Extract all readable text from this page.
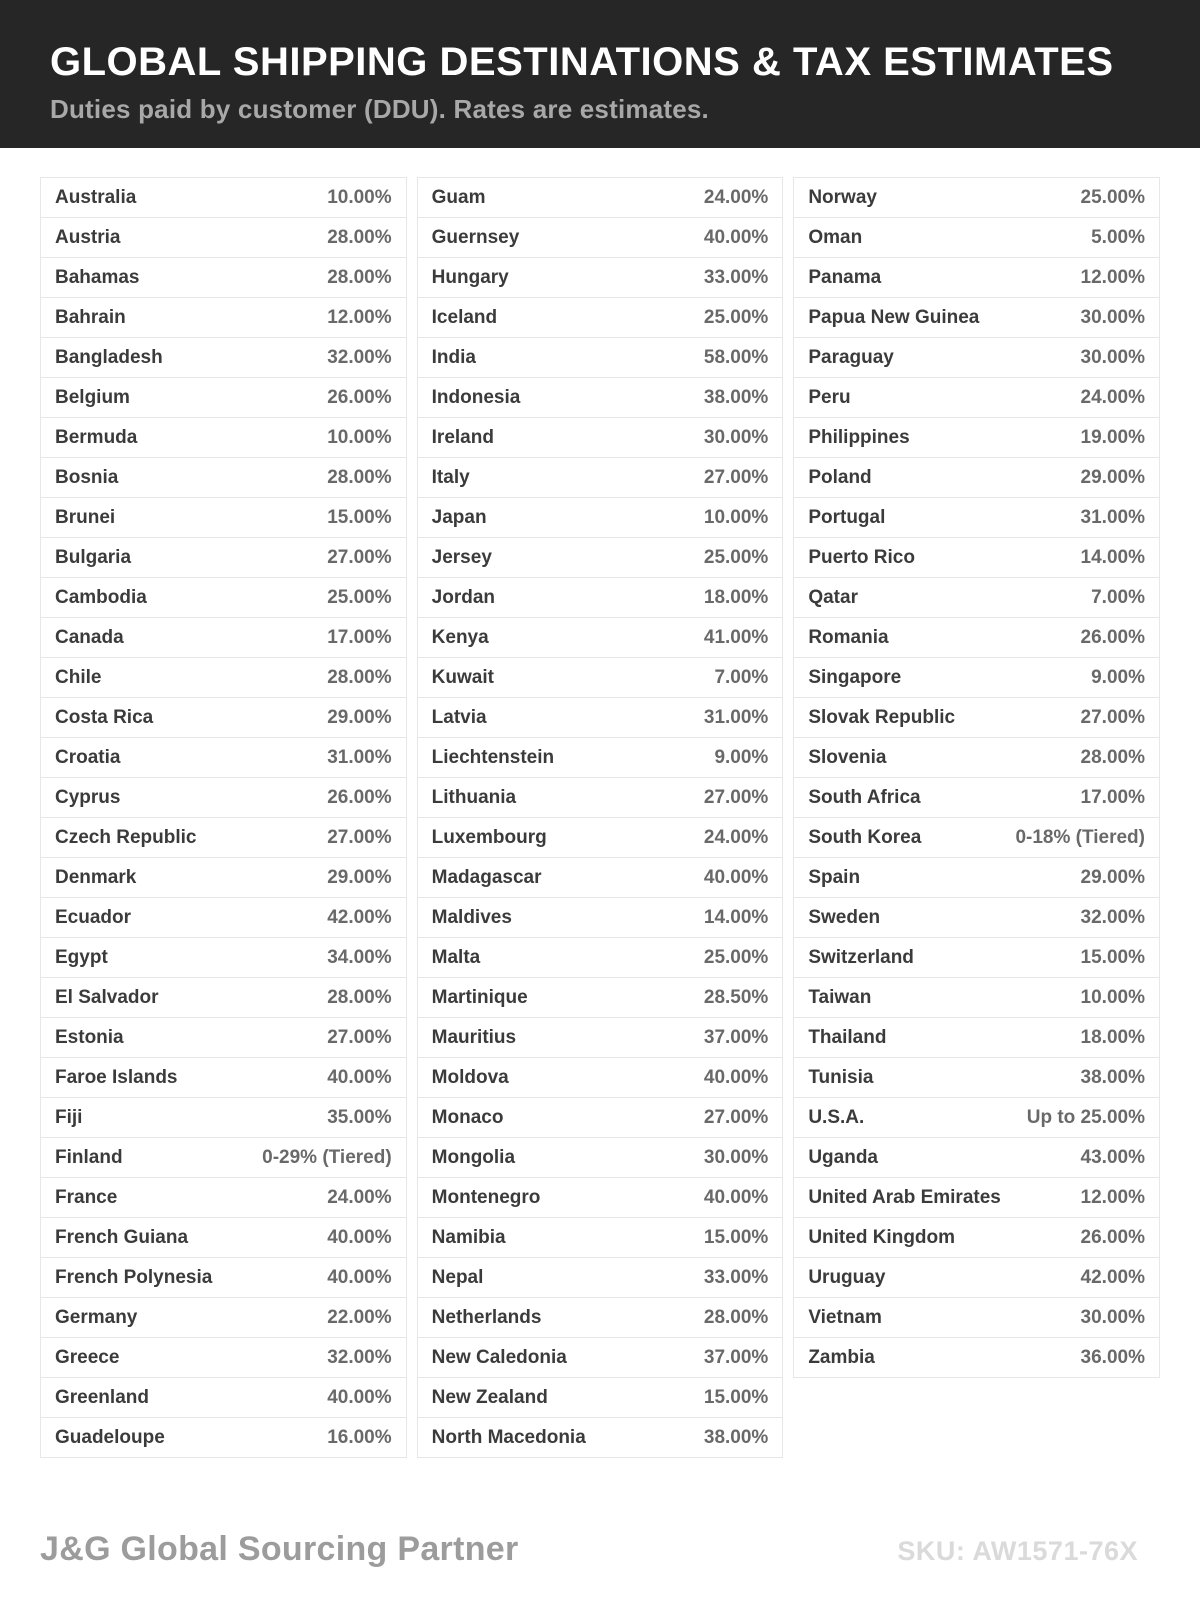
GLOBAL SHIPPING DESTINATIONS & TAX ESTIMATES
Duties paid by customer (DDU). Rates are estimates.
Australia	10.00%
Austria	28.00%
Bahamas	28.00%
Bahrain	12.00%
Bangladesh	32.00%
Belgium	26.00%
Bermuda	10.00%
Bosnia	28.00%
Brunei	15.00%
Bulgaria	27.00%
Cambodia	25.00%
Canada	17.00%
Chile	28.00%
Costa Rica	29.00%
Croatia	31.00%
Cyprus	26.00%
Czech Republic	27.00%
Denmark	29.00%
Ecuador	42.00%
Egypt	34.00%
El Salvador	28.00%
Estonia	27.00%
Faroe Islands	40.00%
Fiji	35.00%
Finland	0-29% (Tiered)
France	24.00%
French Guiana	40.00%
French Polynesia	40.00%
Germany	22.00%
Greece	32.00%
Greenland	40.00%
Guadeloupe	16.00%
Guam	24.00%
Guernsey	40.00%
Hungary	33.00%
Iceland	25.00%
India	58.00%
Indonesia	38.00%
Ireland	30.00%
Italy	27.00%
Japan	10.00%
Jersey	25.00%
Jordan	18.00%
Kenya	41.00%
Kuwait	7.00%
Latvia	31.00%
Liechtenstein	9.00%
Lithuania	27.00%
Luxembourg	24.00%
Madagascar	40.00%
Maldives	14.00%
Malta	25.00%
Martinique	28.50%
Mauritius	37.00%
Moldova	40.00%
Monaco	27.00%
Mongolia	30.00%
Montenegro	40.00%
Namibia	15.00%
Nepal	33.00%
Netherlands	28.00%
New Caledonia	37.00%
New Zealand	15.00%
North Macedonia	38.00%
Norway	25.00%
Oman	5.00%
Panama	12.00%
Papua New Guinea	30.00%
Paraguay	30.00%
Peru	24.00%
Philippines	19.00%
Poland	29.00%
Portugal	31.00%
Puerto Rico	14.00%
Qatar	7.00%
Romania	26.00%
Singapore	9.00%
Slovak Republic	27.00%
Slovenia	28.00%
South Africa	17.00%
South Korea	0-18% (Tiered)
Spain	29.00%
Sweden	32.00%
Switzerland	15.00%
Taiwan	10.00%
Thailand	18.00%
Tunisia	38.00%
U.S.A.	Up to 25.00%
Uganda	43.00%
United Arab Emirates	12.00%
United Kingdom	26.00%
Uruguay	42.00%
Vietnam	30.00%
Zambia	36.00%
J&G Global Sourcing Partner	SKU: AW1571-76X
